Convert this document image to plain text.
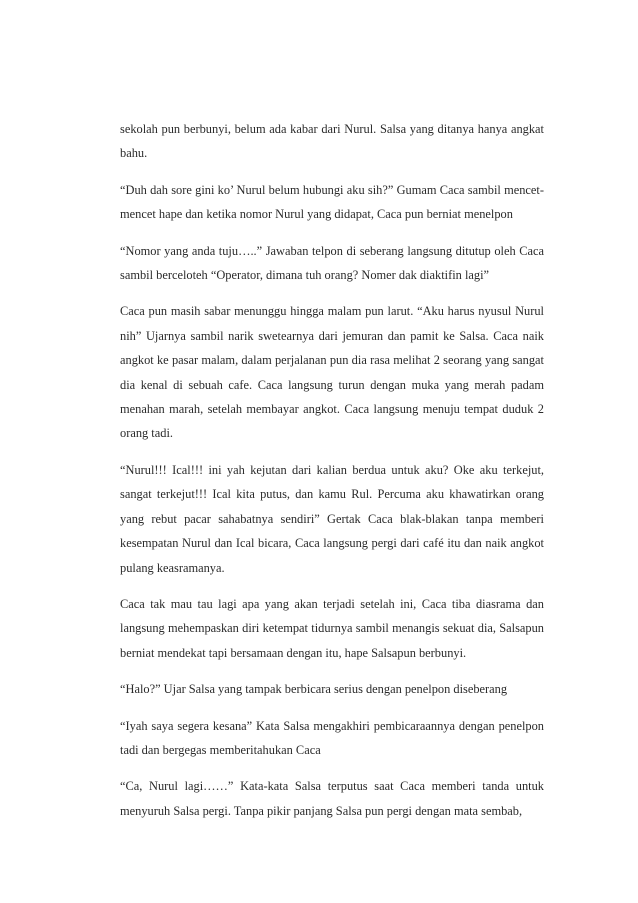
sekolah pun berbunyi, belum ada kabar dari Nurul. Salsa yang ditanya hanya angkat bahu.

“Duh dah sore gini ko’ Nurul belum hubungi aku sih?” Gumam Caca sambil mencet-mencet hape dan ketika nomor Nurul yang didapat, Caca pun berniat menelpon

“Nomor yang anda tuju…..” Jawaban telpon di seberang langsung ditutup oleh Caca sambil berceloteh “Operator, dimana tuh orang? Nomer dak diaktifin lagi”

Caca pun masih sabar menunggu hingga malam pun larut. “Aku harus nyusul Nurul nih” Ujarnya sambil narik swetearnya dari jemuran dan pamit ke Salsa. Caca naik angkot ke pasar malam, dalam perjalanan pun dia rasa melihat 2 seorang yang sangat dia kenal di sebuah cafe. Caca langsung turun dengan muka yang merah padam menahan marah, setelah membayar angkot. Caca langsung menuju tempat duduk 2 orang tadi.

“Nurul!!! Ical!!! ini yah kejutan dari kalian berdua untuk aku? Oke aku terkejut, sangat terkejut!!! Ical kita putus, dan kamu Rul. Percuma aku khawatirkan orang yang rebut pacar sahabatnya sendiri” Gertak Caca blak-blakan tanpa memberi kesempatan Nurul dan Ical bicara, Caca langsung pergi dari café itu dan naik angkot pulang keasramanya.

Caca tak mau tau lagi apa yang akan terjadi setelah ini, Caca tiba diasrama dan langsung mehempaskan diri ketempat tidurnya sambil menangis sekuat dia, Salsapun berniat mendekat tapi bersamaan dengan itu, hape Salsapun berbunyi.

“Halo?” Ujar Salsa yang tampak berbicara serius dengan penelpon diseberang

“Iyah saya segera kesana” Kata Salsa mengakhiri pembicaraannya dengan penelpon tadi dan bergegas memberitahukan Caca

“Ca, Nurul lagi……” Kata-kata Salsa terputus saat Caca memberi tanda untuk menyuruh Salsa pergi. Tanpa pikir panjang Salsa pun pergi dengan mata sembab,
